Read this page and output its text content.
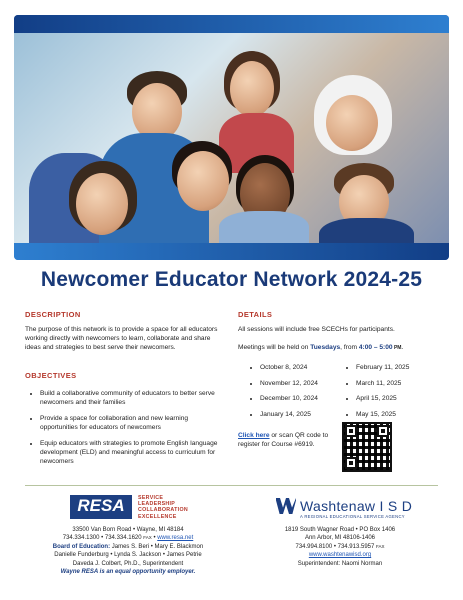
Newcomer Educator Network 2024-25
DESCRIPTION
The purpose of this network is to provide a space for all educators working directly with newcomers to learn, collaborate and share ideas and strategies to best serve their newcomers.
OBJECTIVES
• Build a collaborative community of educators to better serve newcomers and their families
• Provide a space for collaboration and new learning opportunities for educators of newcomers
• Equip educators with strategies to promote English language development (ELD) and meaningful access to curriculum for newcomers
DETAILS
All sessions will include free SCECHs for participants.
Meetings will be held on Tuesdays, from 4:00 – 5:00 PM.
• October 8, 2024
• November 12, 2024
• December 10, 2024
• January 14, 2025
• February 11, 2025
• March 11, 2025
• April 15, 2025
• May 15, 2025
Click here or scan QR code to register for Course #6919.
RESA	SERVICE
LEADERSHIP
COLLABORATION
EXCELLENCE
33500 Van Born Road • Wayne, MI 48184
734.334.1300 • 734.334.1620 FAX • www.resa.net
Board of Education: James S. Beri • Mary E. Blackmon
Danielle Funderburg • Lynda S. Jackson • James Petrie
Daveda J. Colbert, Ph.D., Superintendent
Wayne RESA is an equal opportunity employer.
Washtenaw I S D
A REGIONAL EDUCATIONAL SERVICE AGENCY
1819 South Wagner Road • PO Box 1406
Ann Arbor, MI 48106-1406
734.994.8100 • 734.913.5957 FAX
www.washtenawisd.org
Superintendent: Naomi Norman
